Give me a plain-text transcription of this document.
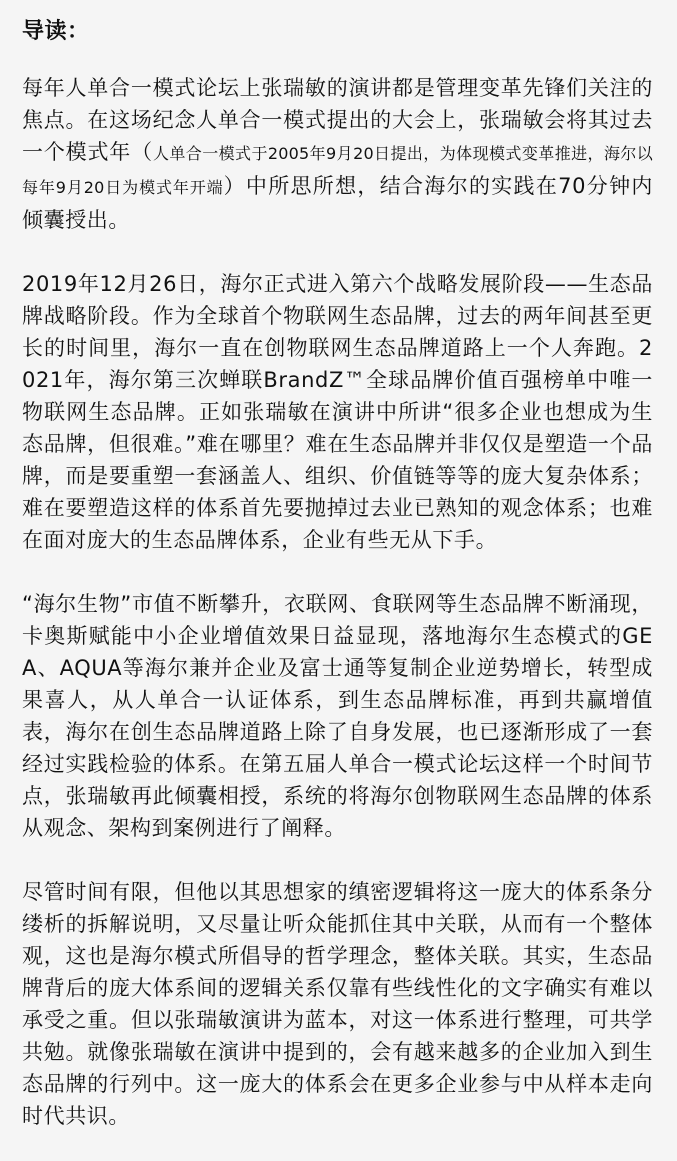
导读：

每年人单合一模式论坛上张瑞敏的演讲都是管理变革先锋们关注的焦点。在这场纪念人单合一模式提出的大会上，张瑞敏会将其过去一个模式年（人单合一模式于2005年9月20日提出，为体现模式变革推进，海尔以每年9月20日为模式年开端）中所思所想，结合海尔的实践在70分钟内倾囊授出。

2019年12月26日，海尔正式进入第六个战略发展阶段——生态品牌战略阶段。作为全球首个物联网生态品牌，过去的两年间甚至更长的时间里，海尔一直在创物联网生态品牌道路上一个人奔跑。2021年，海尔第三次蝉联BrandZ™全球品牌价值百强榜单中唯一物联网生态品牌。正如张瑞敏在演讲中所讲“很多企业也想成为生态品牌，但很难。”难在哪里？难在生态品牌并非仅仅是塑造一个品牌，而是要重塑一套涵盖人、组织、价值链等等的庞大复杂体系；难在要塑造这样的体系首先要抛掉过去业已熟知的观念体系；也难在面对庞大的生态品牌体系，企业有些无从下手。

“海尔生物”市值不断攀升，衣联网、食联网等生态品牌不断涌现，卡奥斯赋能中小企业增值效果日益显现，落地海尔生态模式的GEA、AQUA等海尔兼并企业及富士通等复制企业逆势增长，转型成果喜人，从人单合一认证体系，到生态品牌标准，再到共赢增值表，海尔在创生态品牌道路上除了自身发展，也已逐渐形成了一套经过实践检验的体系。在第五届人单合一模式论坛这样一个时间节点，张瑞敏再此倾囊相授，系统的将海尔创物联网生态品牌的体系从观念、架构到案例进行了阐释。

尽管时间有限，但他以其思想家的缜密逻辑将这一庞大的体系条分缕析的拆解说明，又尽量让听众能抓住其中关联，从而有一个整体观，这也是海尔模式所倡导的哲学理念，整体关联。其实，生态品牌背后的庞大体系间的逻辑关系仅靠有些线性化的文字确实有难以承受之重。但以张瑞敏演讲为蓝本，对这一体系进行整理，可共学共勉。就像张瑞敏在演讲中提到的，会有越来越多的企业加入到生态品牌的行列中。这一庞大的体系会在更多企业参与中从样本走向时代共识。
